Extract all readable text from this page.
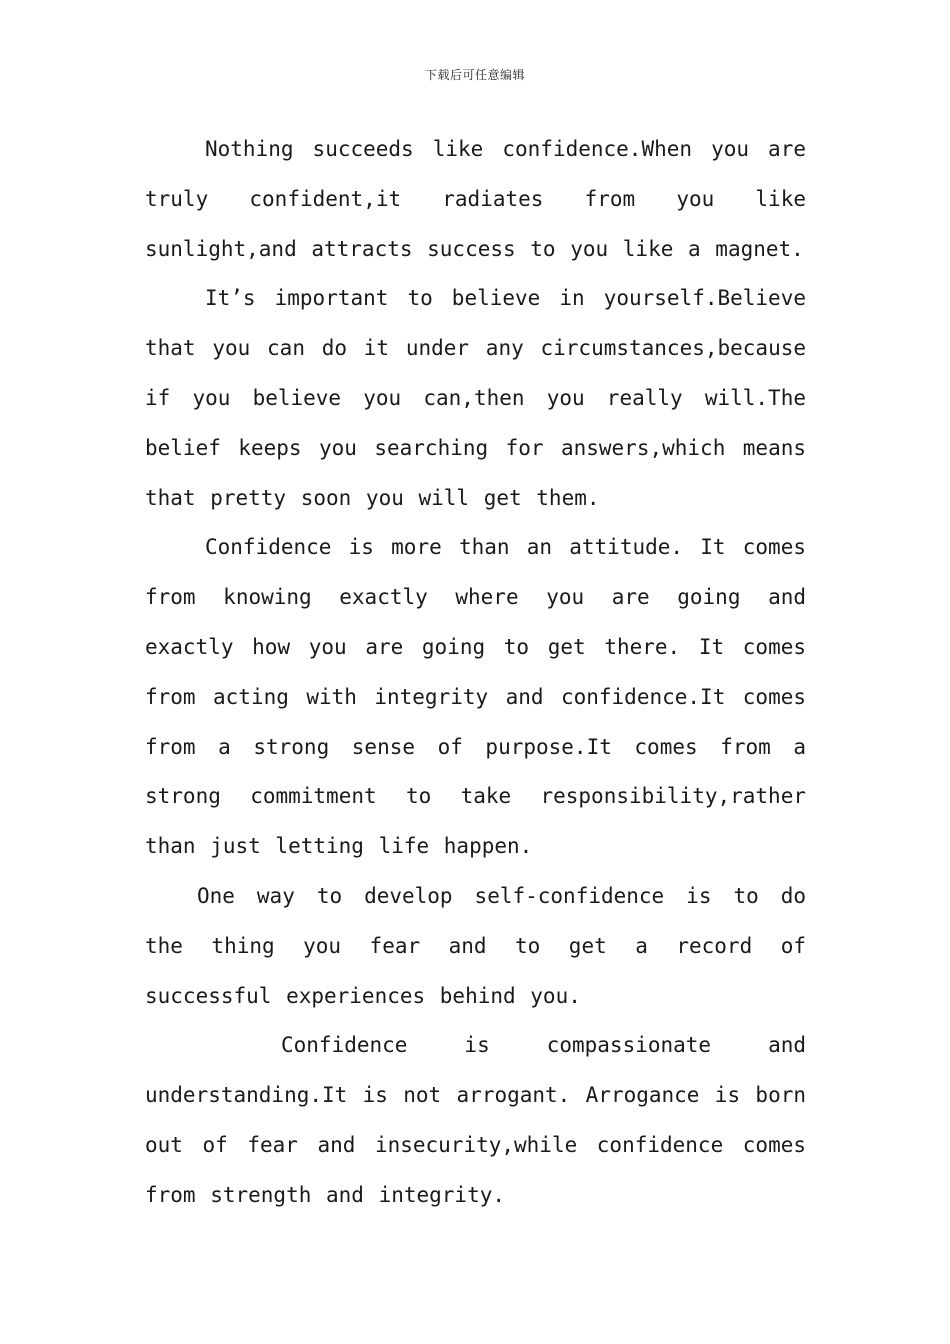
下载后可任意编辑

Nothing succeeds like confidence.When you are truly confident,it radiates from you like sunlight,and attracts success to you like a magnet.

It’s important to believe in yourself.Believe that you can do it under any circumstances,because if you believe you can,then you really will.The belief keeps you searching for answers,which means that pretty soon you will get them.

Confidence is more than an attitude. It comes from knowing exactly where you are going and exactly how you are going to get there. It comes from acting with integrity and confidence.It comes from a strong sense of purpose.It comes from a strong commitment to take responsibility,rather than just letting life happen.

One way to develop self-confidence is to do the thing you fear and to get a record of successful experiences behind you.

Confidence is compassionate and understanding.It is not arrogant. Arrogance is born out of fear and insecurity,while confidence comes from strength and integrity.
